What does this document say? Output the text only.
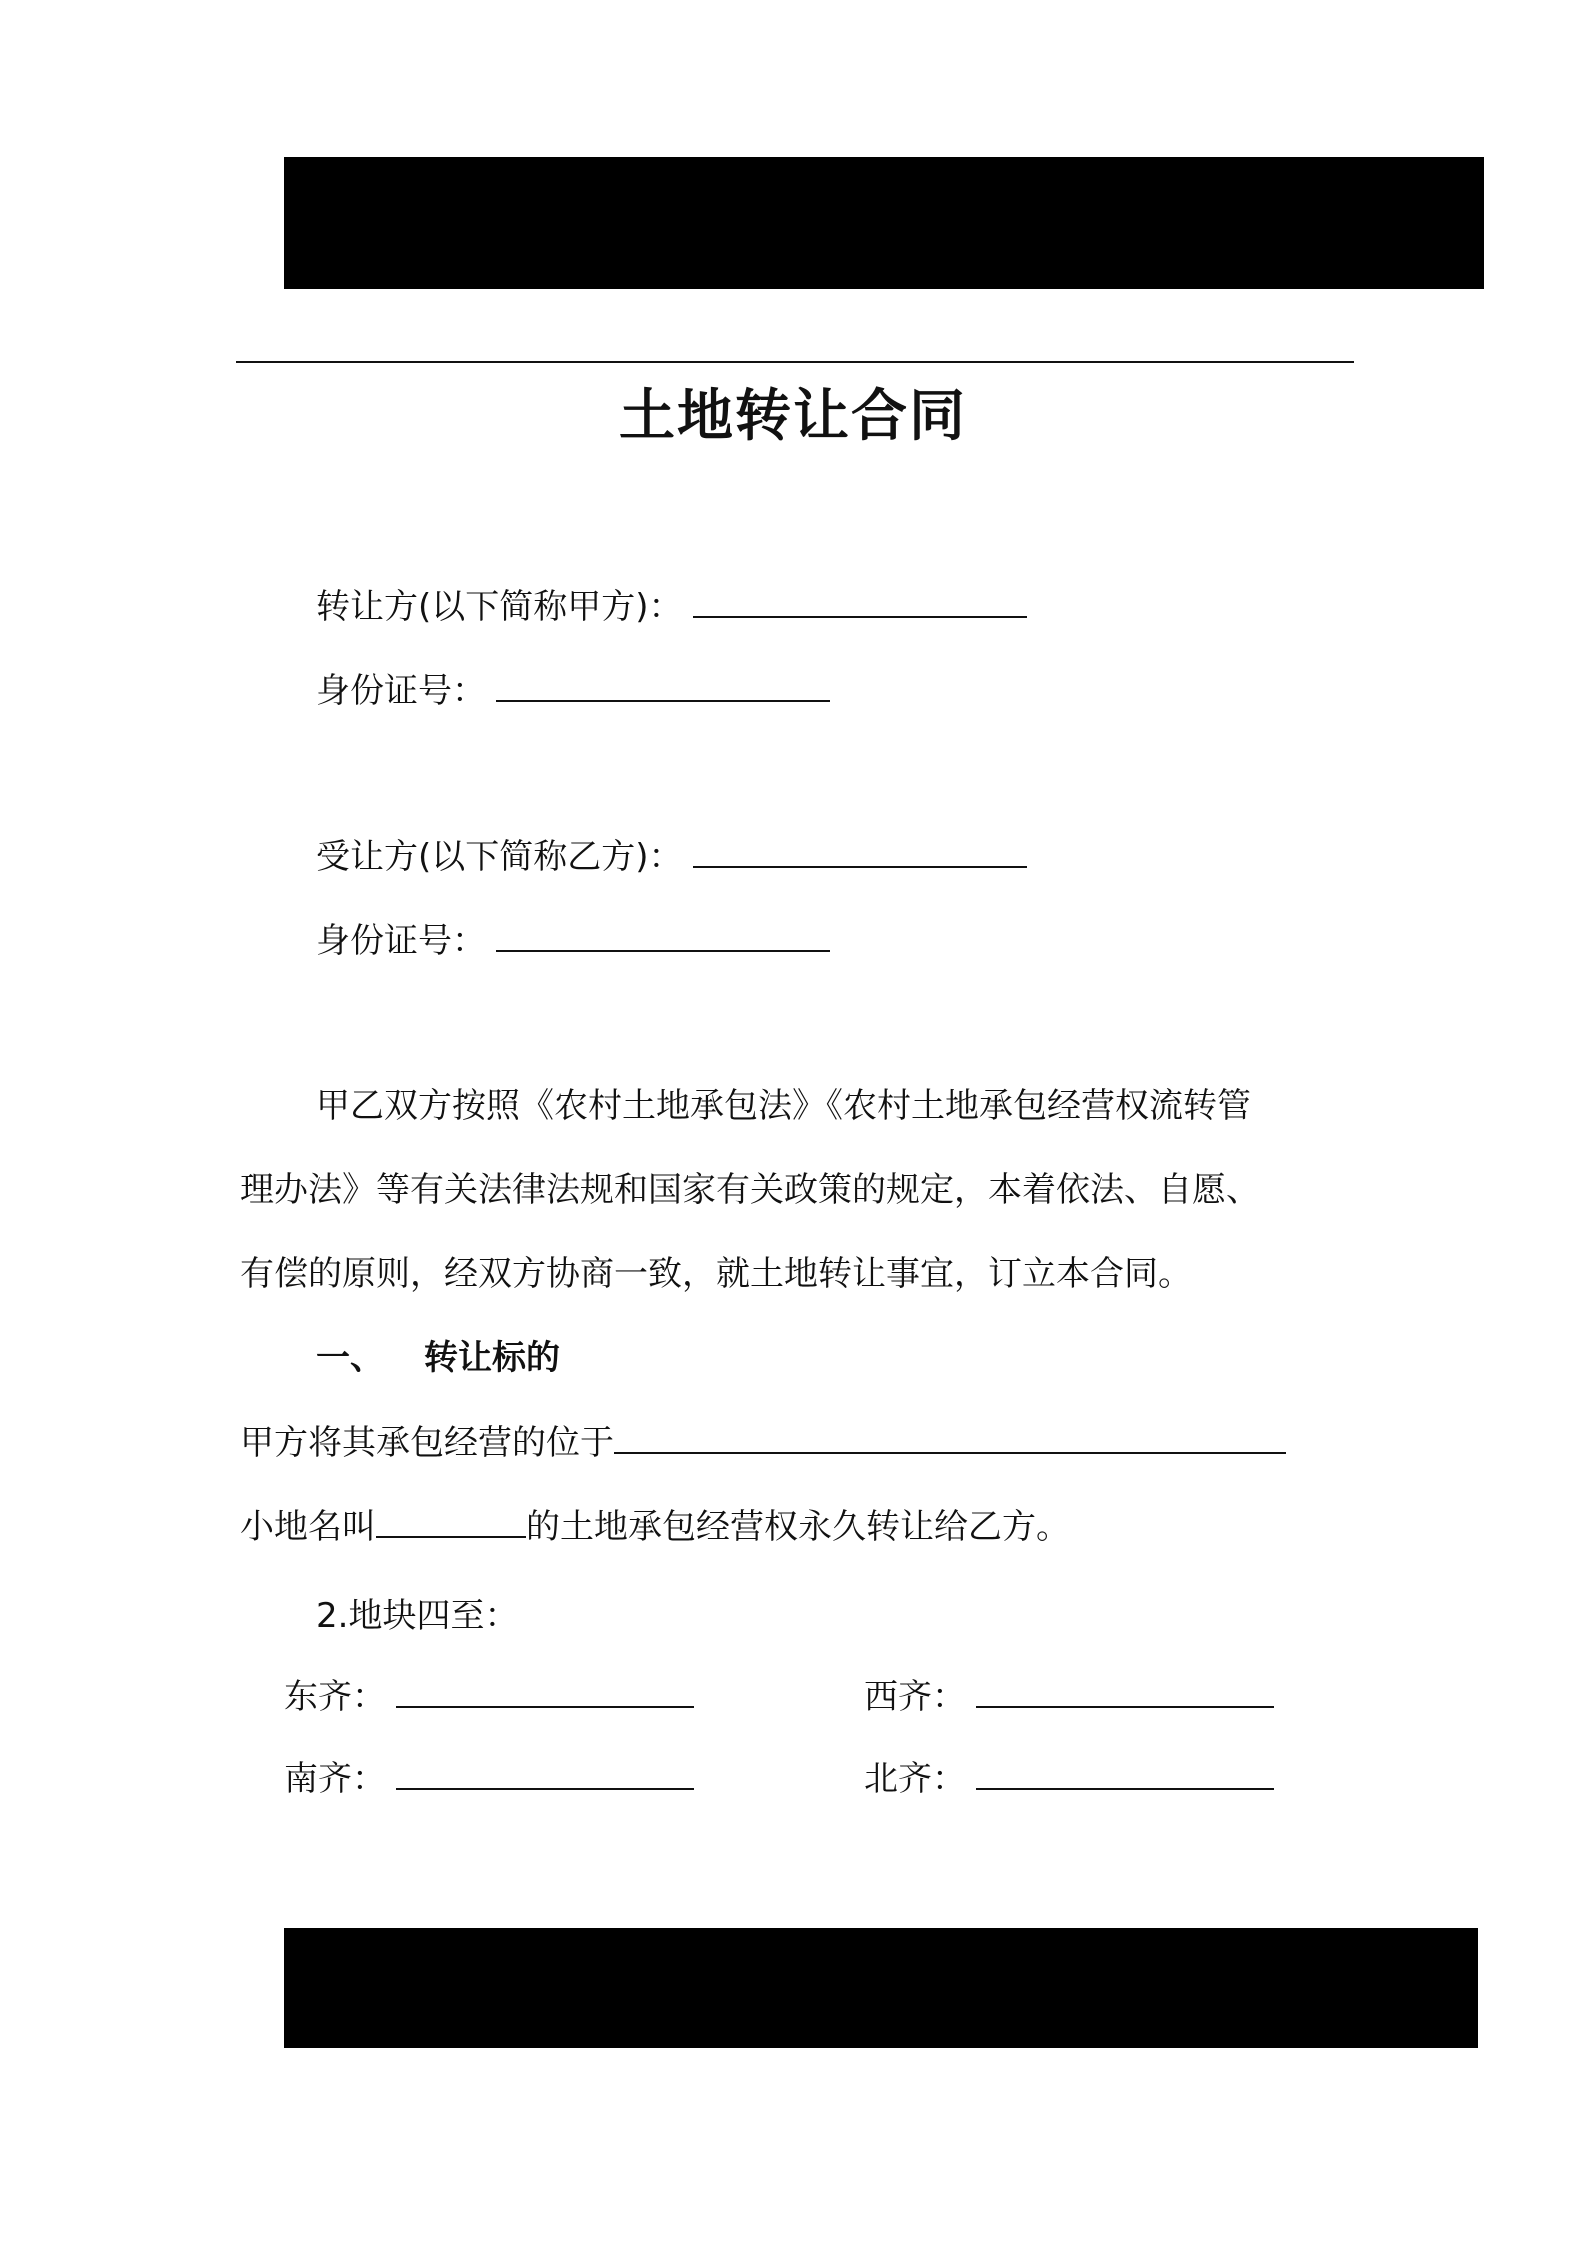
土地转让合同
转让方(以下简称甲方)：
身份证号：
受让方(以下简称乙方)：
身份证号：
甲乙双方按照《农村土地承包法》《农村土地承包经营权流转管
理办法》等有关法律法规和国家有关政策的规定，本着依法、自愿、
有偿的原则，经双方协商一致，就土地转让事宜，订立本合同。
一、 转让标的
甲方将其承包经营的位于
小地名叫	的土地承包经营权永久转让给乙方。
2.地块四至：
东齐：	西齐：
南齐：	北齐：
